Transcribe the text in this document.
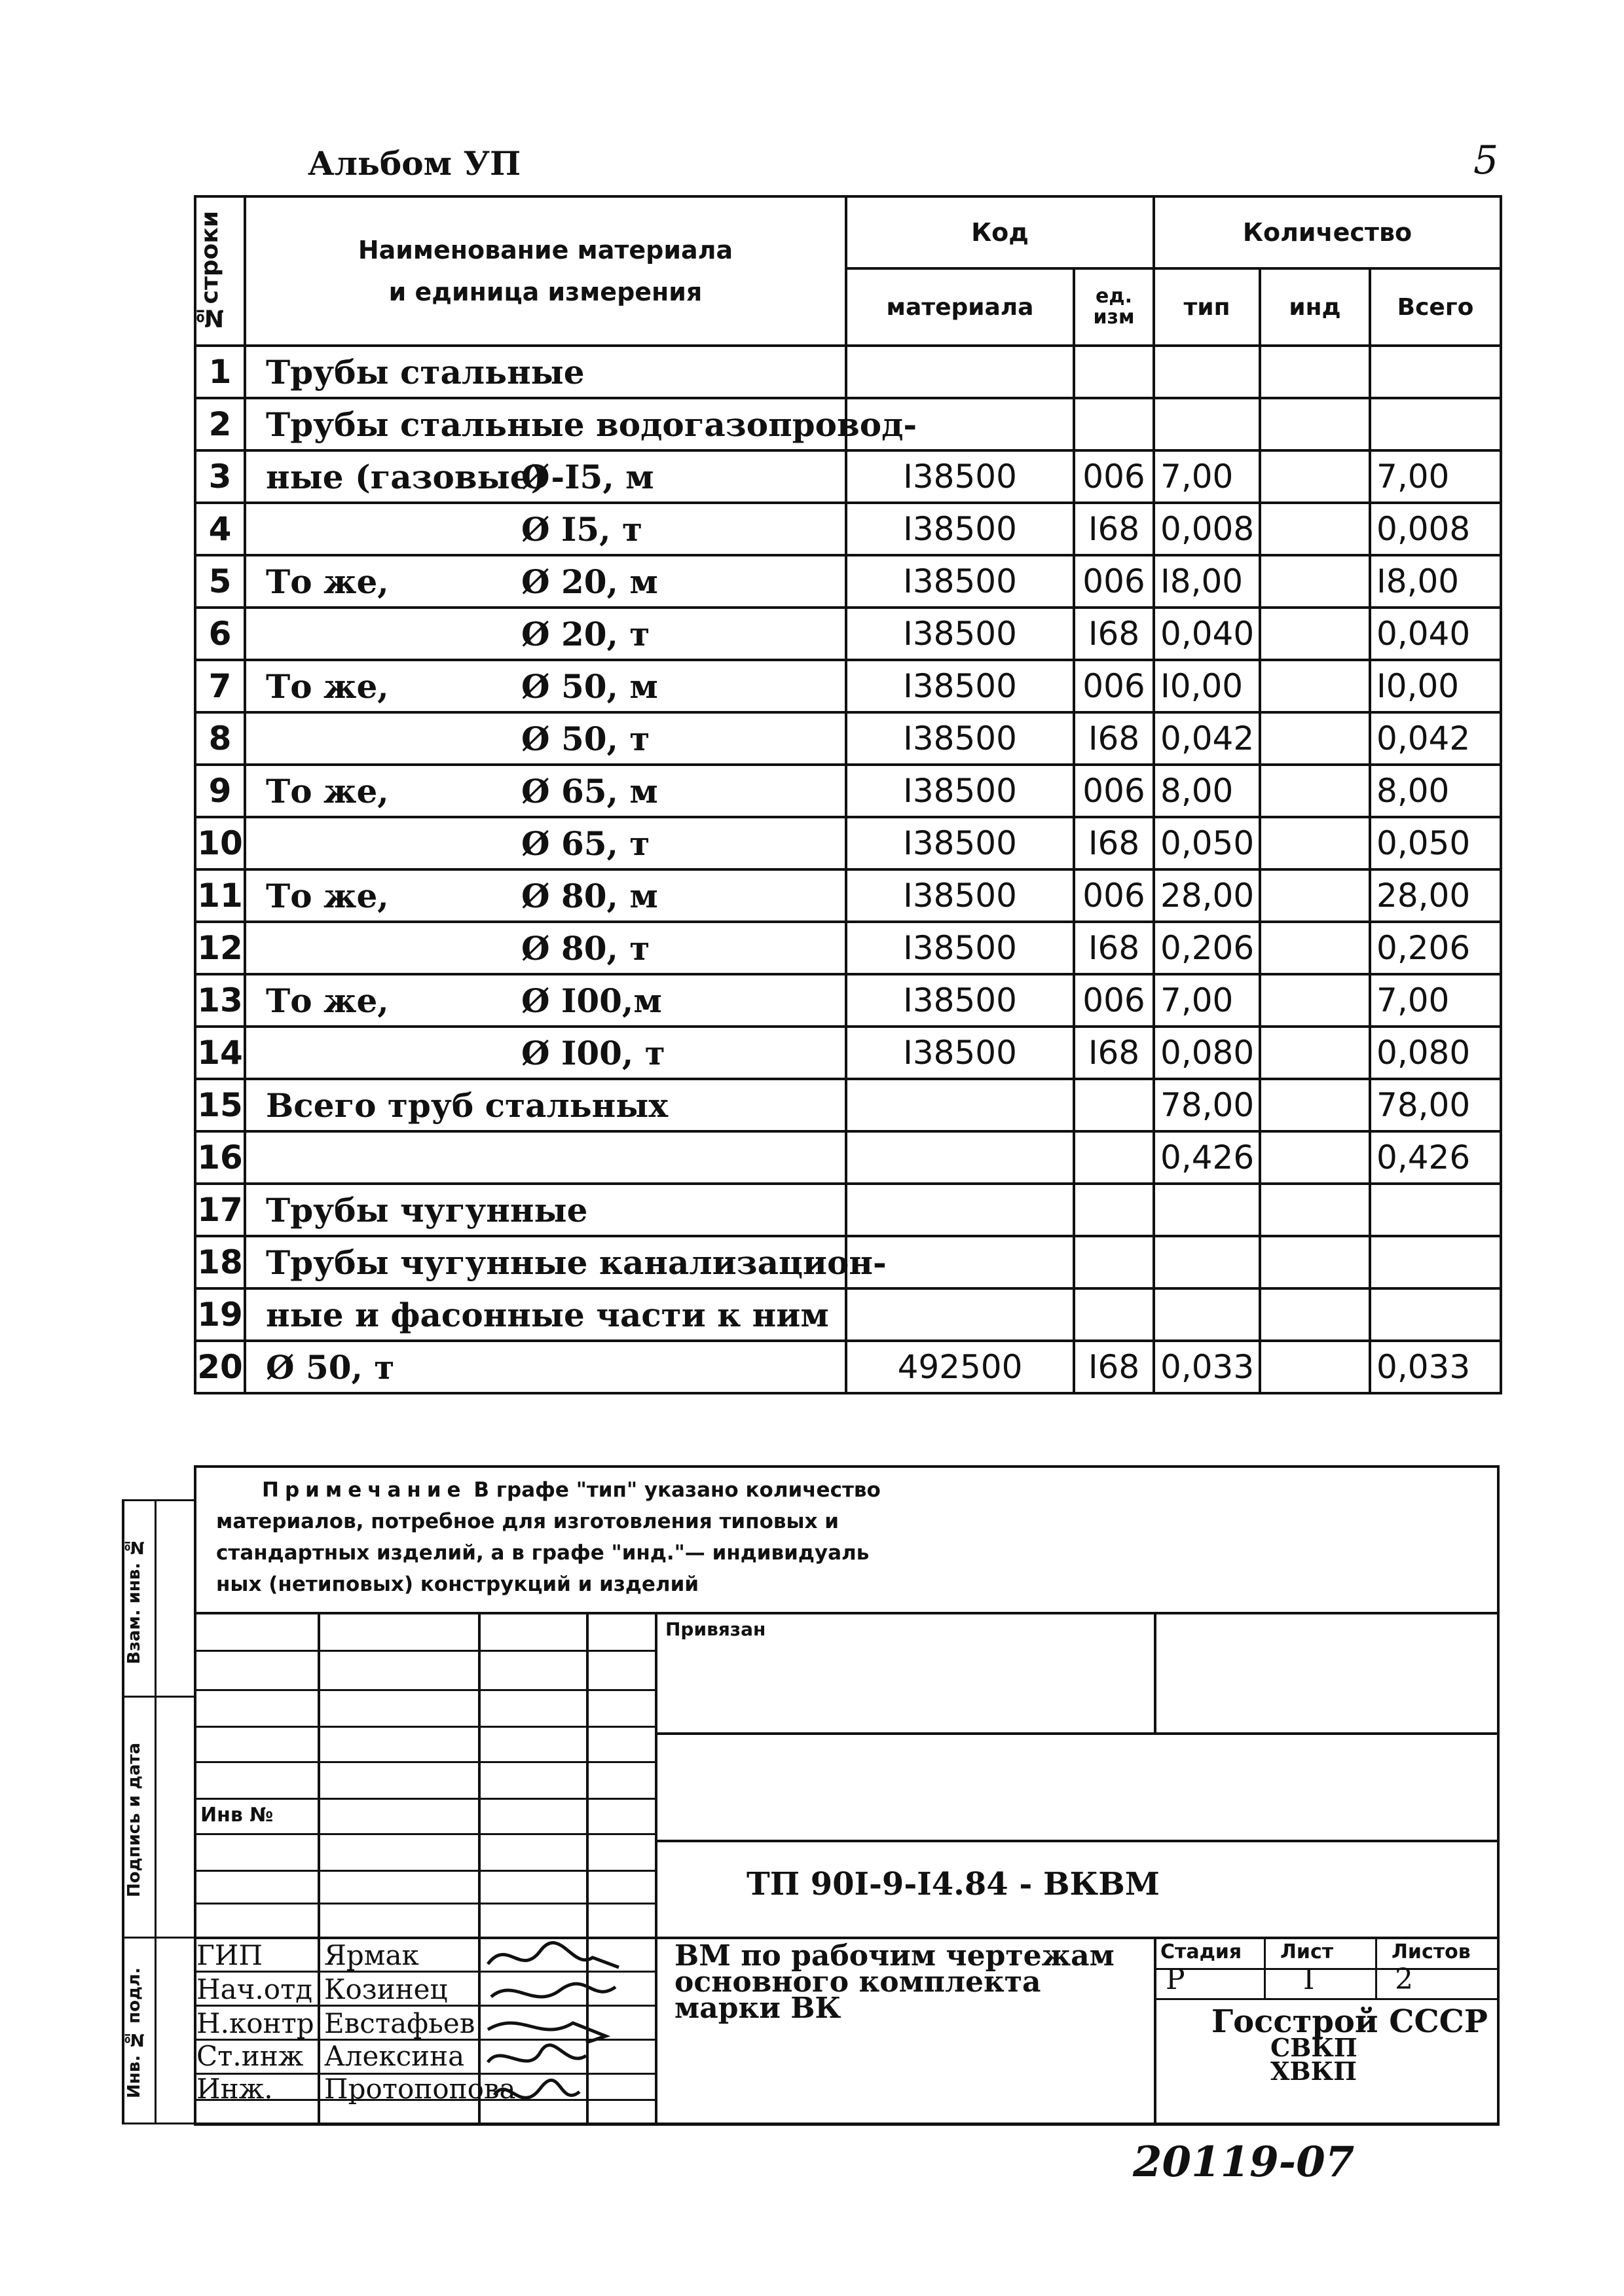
Альбом УП	5
№строки	Наименование материала
и единица измерения	Код		Количество		
		материала	ед. изм	тип	инд	Всего
1	Трубы стальные					
2	Трубы стальные водогазопровод-					
3	ные (газовые)Ø-I5, м	I38500	006	7,00		7,00
4	Ø I5, т	I38500	I68	0,008		0,008
5	То же, Ø 20, м	I38500	006	I8,00		I8,00
6	Ø 20, т	I38500	I68	0,040		0,040
7	То же, Ø 50, м	I38500	006	I0,00		I0,00
8	Ø 50, т	I38500	I68	0,042		0,042
9	То же, Ø 65, м	I38500	006	8,00		8,00
10	Ø 65, т	I38500	I68	0,050		0,050
11	То же, Ø 80, м	I38500	006	28,00		28,00
12	Ø 80, т	I38500	I68	0,206		0,206
13	То же, Ø I00,м	I38500	006	7,00		7,00
14	Ø I00, т	I38500	I68	0,080		0,080
15	Всего труб стальных			78,00		78,00
16				0,426		0,426
17	Трубы чугунные					
18	Трубы чугунные канализацион-					
19	ные и фасонные части к ним					
20	Ø 50, т	492500	I68	0,033		0,033
Примечание В графе "тип" указано количество
материалов, потребное для изготовления типовых и
стандартных изделий, а в графе "инд."— индивидуаль
ных (нетиповых) конструкций и изделий
Взам. инв. №
Подпись и дата
Инв. № подл.
Привязан
Инв №
ТП 90I-9-I4.84 - ВКВМ
ВМ по рабочим чертежам
основного комплекта
марки ВК
Стадия Лист	Листов
Р	I	2
Госстрой СССР
СВКП
ХВКП
ГИП Ярмак
Нач.отд Козинец
Н.контр Евстафьев
Ст.инж Алексина
Инж. Протопопова
20119-07
